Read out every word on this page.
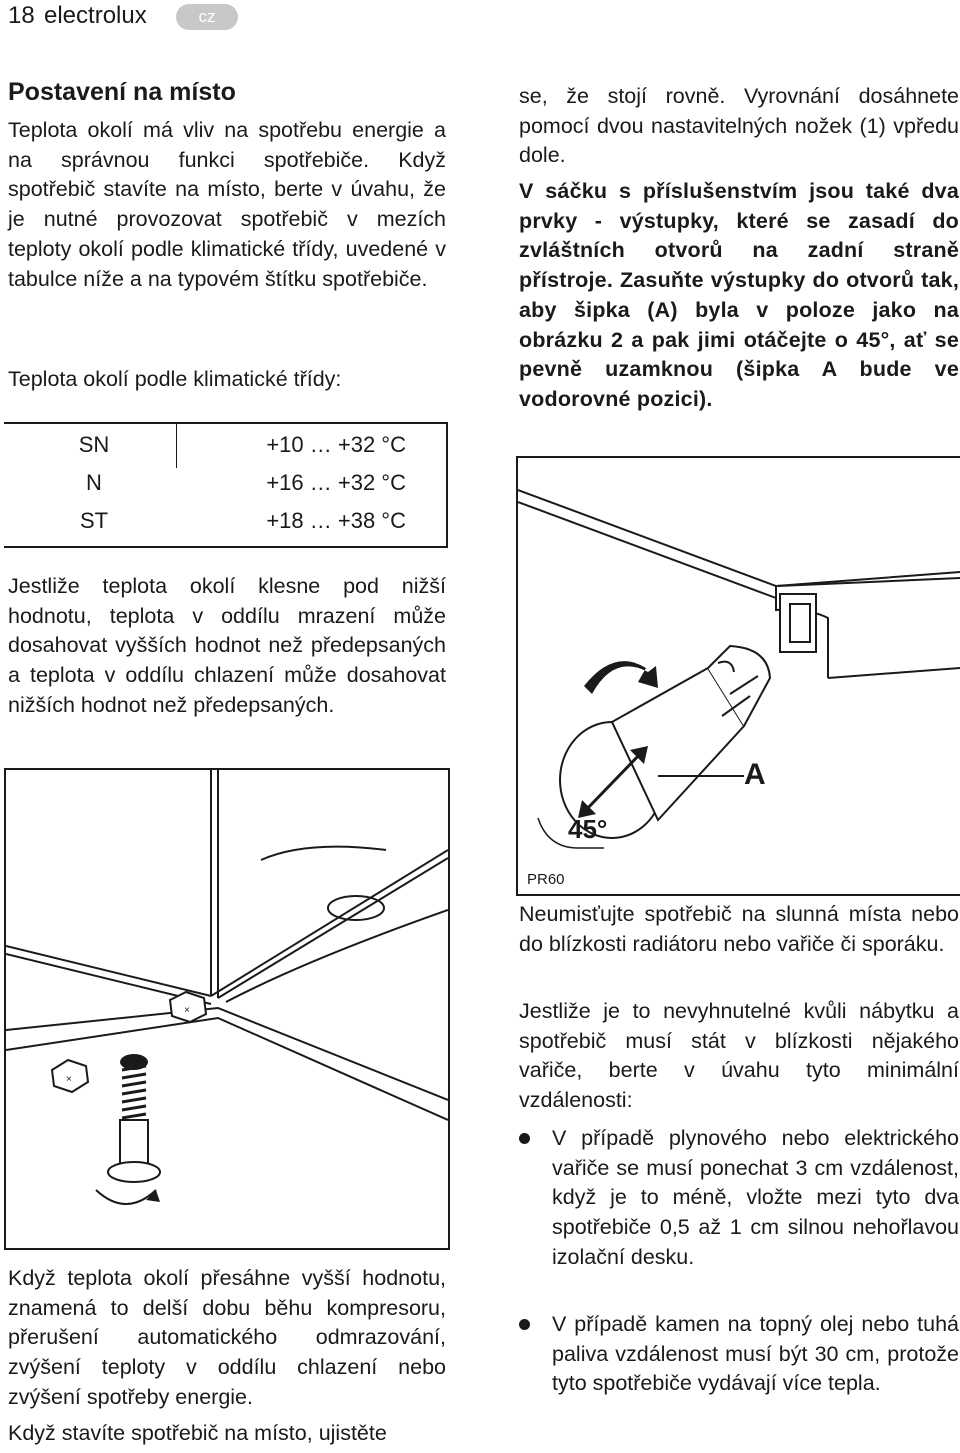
18 electrolux	cz
Postavení na místo
Teplota okolí má vliv na spotřebu energie a na správnou funkci spotřebiče. Když spotřebič stavíte na místo, berte v úvahu, že je nutné provozovat spotřebič v mezích teploty okolí podle klimatické třídy, uvedené v tabulce níže a na typovém štítku spotřebiče.
Teplota okolí podle klimatické třídy:
SN	+10 … +32 °C
N	+16 … +32 °C
ST	+18 … +38 °C
Jestliže teplota okolí klesne pod nižší hodnotu, teplota v oddílu mrazení může dosahovat vyšších hodnot než předepsaných a teplota v oddílu chlazení může dosahovat nižších hodnot než předepsaných.
×
×
Když teplota okolí přesáhne vyšší hodnotu, znamená to delší dobu běhu kompresoru, přerušení automatického odmrazování, zvýšení teploty v oddílu chlazení nebo zvýšení spotřeby energie.
Když stavíte spotřebič na místo, ujistěte
se, že stojí rovně. Vyrovnání dosáhnete pomocí dvou nastavitelných nožek (1) vpředu dole.
V sáčku s příslušenstvím jsou také dva prvky - výstupky, které se zasadí do zvláštních otvorů na zadní straně přístroje. Zasuňte výstupky do otvorů tak, aby šipka (A) byla v poloze jako na obrázku 2 a pak jimi otáčejte o 45°, ať se pevně uzamknou (šipka A bude ve vodorovné pozici).
A
45°
PR60
Neumisťujte spotřebič na slunná místa nebo do blízkosti radiátoru nebo vařiče či sporáku.
Jestliže je to nevyhnutelné kvůli nábytku a spotřebič musí stát v blízkosti nějakého vařiče, berte v úvahu tyto minimální vzdálenosti:
V případě plynového nebo elektrického vařiče se musí ponechat 3 cm vzdálenost, když je to méně, vložte mezi tyto dva spotřebiče 0,5 až 1 cm silnou nehořlavou izolační desku.
V případě kamen na topný olej nebo tuhá paliva vzdálenost musí být 30 cm, protože tyto spotřebiče vydávají více tepla.
